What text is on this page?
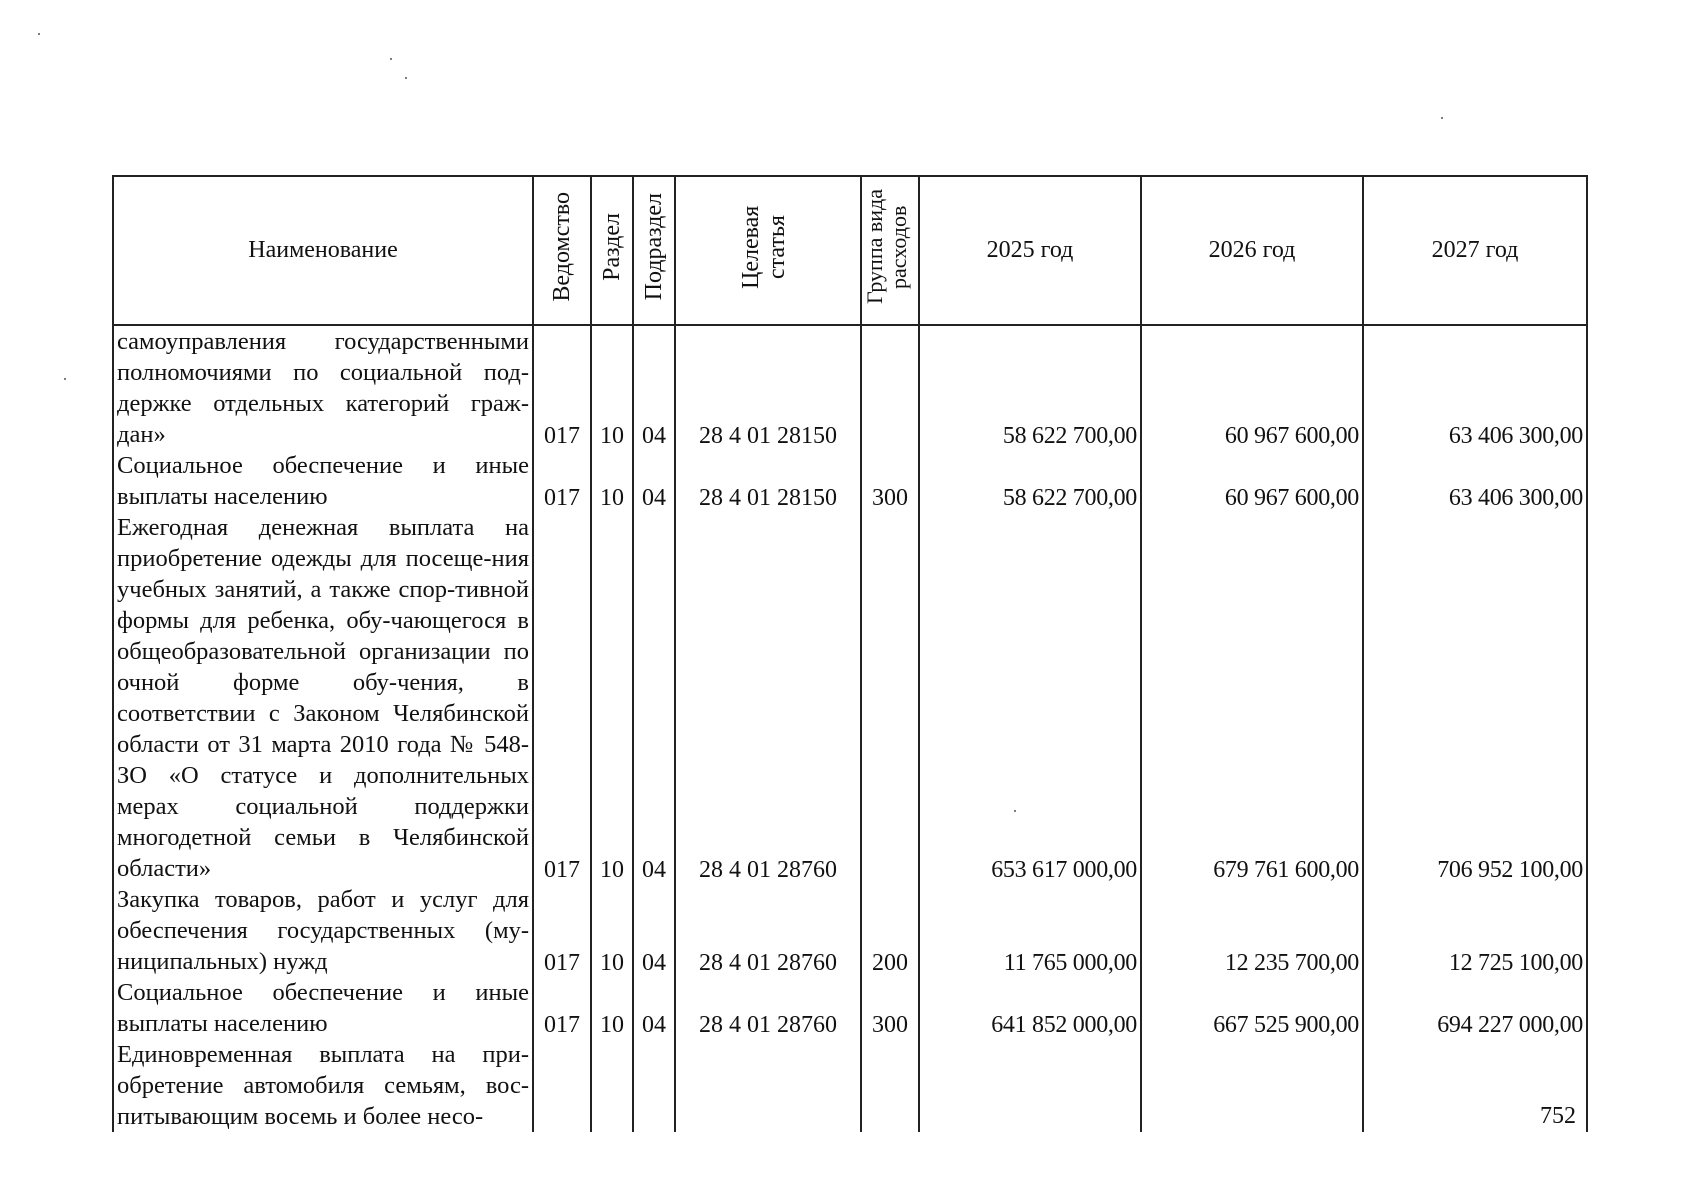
Наименование	Ведомство	Раздел	Подраздел	Целевая статья	Группа вида расходов	2025 год	2026 год	2027 год
самоуправления государственными полномочиями по социальной под-держке отдельных категорий граж-дан»	017	10	04	28 4 01 28150		58 622 700,00	60 967 600,00	63 406 300,00
Социальное обеспечение и иные выплаты населению	017	10	04	28 4 01 28150	300	58 622 700,00	60 967 600,00	63 406 300,00
Ежегодная денежная выплата на приобретение одежды для посеще-ния учебных занятий, а также спор-тивной формы для ребенка, обу-чающегося в общеобразовательной организации по очной форме обу-чения, в соответствии с Законом Челябинской области от 31 марта 2010 года № 548-ЗО «О статусе и дополнительных мерах социальной поддержки многодетной семьи в Челябинской области»	017	10	04	28 4 01 28760		653 617 000,00	679 761 600,00	706 952 100,00
Закупка товаров, работ и услуг для обеспечения государственных (му-ниципальных) нужд	017	10	04	28 4 01 28760	200	11 765 000,00	12 235 700,00	12 725 100,00
Социальное обеспечение и иные выплаты населению	017	10	04	28 4 01 28760	300	641 852 000,00	667 525 900,00	694 227 000,00
Единовременная выплата на при-обретение автомобиля семьям, вос-питывающим восемь и более несо-									752
